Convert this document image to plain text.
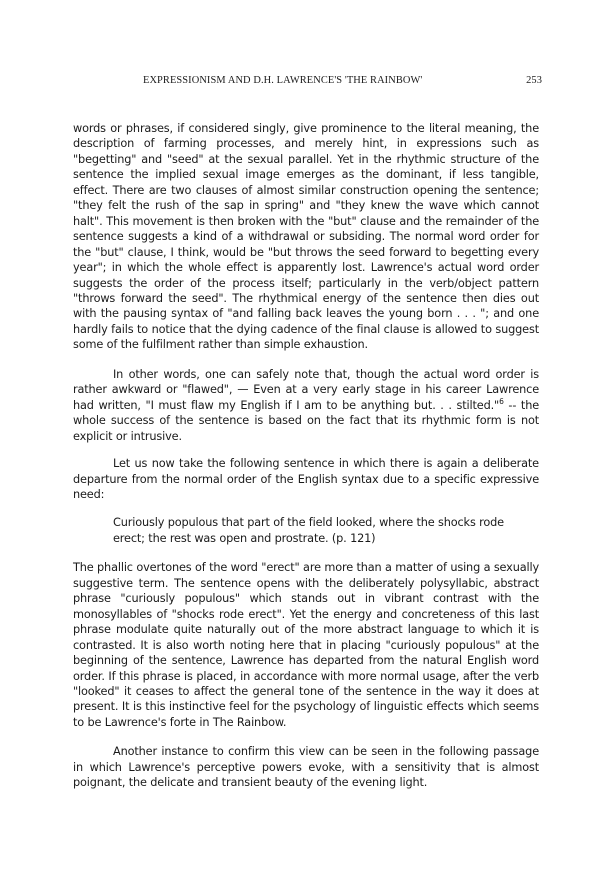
EXPRESSIONISM AND D.H. LAWRENCE'S 'THE RAINBOW'	253

words or phrases, if considered singly, give prominence to the literal meaning, the description of farming processes, and merely hint, in expressions such as "begetting" and "seed" at the sexual parallel. Yet in the rhythmic structure of the sentence the implied sexual image emerges as the dominant, if less tangible, effect. There are two clauses of almost similar construction opening the sentence; "they felt the rush of the sap in spring" and "they knew the wave which cannot halt". This movement is then broken with the "but" clause and the remainder of the sentence suggests a kind of a withdrawal or subsiding. The normal word order for the "but" clause, I think, would be "but throws the seed forward to begetting every year"; in which the whole effect is apparently lost. Lawrence's actual word order suggests the order of the process itself; particularly in the verb/object pattern "throws forward the seed". The rhythmical energy of the sentence then dies out with the pausing syntax of "and falling back leaves the young born . . . "; and one hardly fails to notice that the dying cadence of the final clause is allowed to suggest some of the fulfilment rather than simple exhaustion.

In other words, one can safely note that, though the actual word order is rather awkward or "flawed", — Even at a very early stage in his career Lawrence had written, "I must flaw my English if I am to be anything but. . . stilted."$^6$ -- the whole success of the sentence is based on the fact that its rhythmic form is not explicit or intrusive.

Let us now take the following sentence in which there is again a deliberate departure from the normal order of the English syntax due to a specific expressive need:

Curiously populous that part of the field looked, where the shocks rode erect; the rest was open and prostrate. (p. 121)

The phallic overtones of the word "erect" are more than a matter of using a sexually suggestive term. The sentence opens with the deliberately polysyllabic, abstract phrase "curiously populous" which stands out in vibrant contrast with the monosyllables of "shocks rode erect". Yet the energy and concreteness of this last phrase modulate quite naturally out of the more abstract language to which it is contrasted. It is also worth noting here that in placing "curiously populous" at the beginning of the sentence, Lawrence has departed from the natural English word order. If this phrase is placed, in accordance with more normal usage, after the verb "looked" it ceases to affect the general tone of the sentence in the way it does at present. It is this instinctive feel for the psychology of linguistic effects which seems to be Lawrence's forte in The Rainbow.

Another instance to confirm this view can be seen in the following passage in which Lawrence's perceptive powers evoke, with a sensitivity that is almost poignant, the delicate and transient beauty of the evening light.
